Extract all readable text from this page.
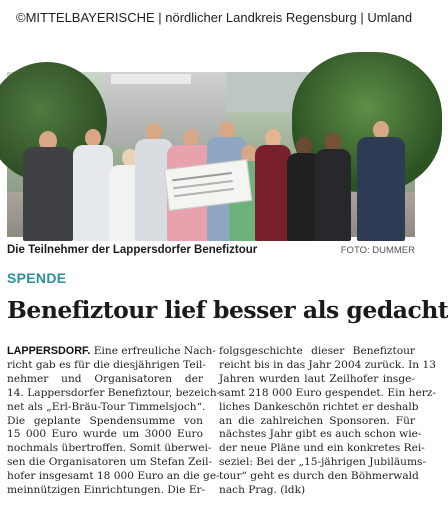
©MITTELBAYERISCHE | nördlicher Landkreis Regensburg | Umland
Die Teilnehmer der Lappersdorfer Benefiztour	FOTO: DUMMER
SPENDE
Benefiztour lief besser als gedacht
LAPPERSDORF. Eine erfreuliche Nach-
richt gab es für die diesjährigen Teil-
nehmer und Organisatoren der
14. Lappersdorfer Benefiztour, bezeich-
net als „Erl-Bräu-Tour Timmelsjoch“.
Die geplante Spendensumme von
15 000 Euro wurde um 3000 Euro
nochmals übertroffen. Somit überwei-
sen die Organisatoren um Stefan Zeil-
hofer insgesamt 18 000 Euro an die ge-
meinnützigen Einrichtungen. Die Er-
folgsgeschichte dieser Benefiztour
reicht bis in das Jahr 2004 zurück. In 13
Jahren wurden laut Zeilhofer insge-
samt 218 000 Euro gespendet. Ein herz-
liches Dankeschön richtet er deshalb
an die zahlreichen Sponsoren. Für
nächstes Jahr gibt es auch schon wie-
der neue Pläne und ein konkretes Rei-
seziel: Bei der „15-jährigen Jubiläums-
tour“ geht es durch den Böhmerwald
nach Prag. (ldk)
